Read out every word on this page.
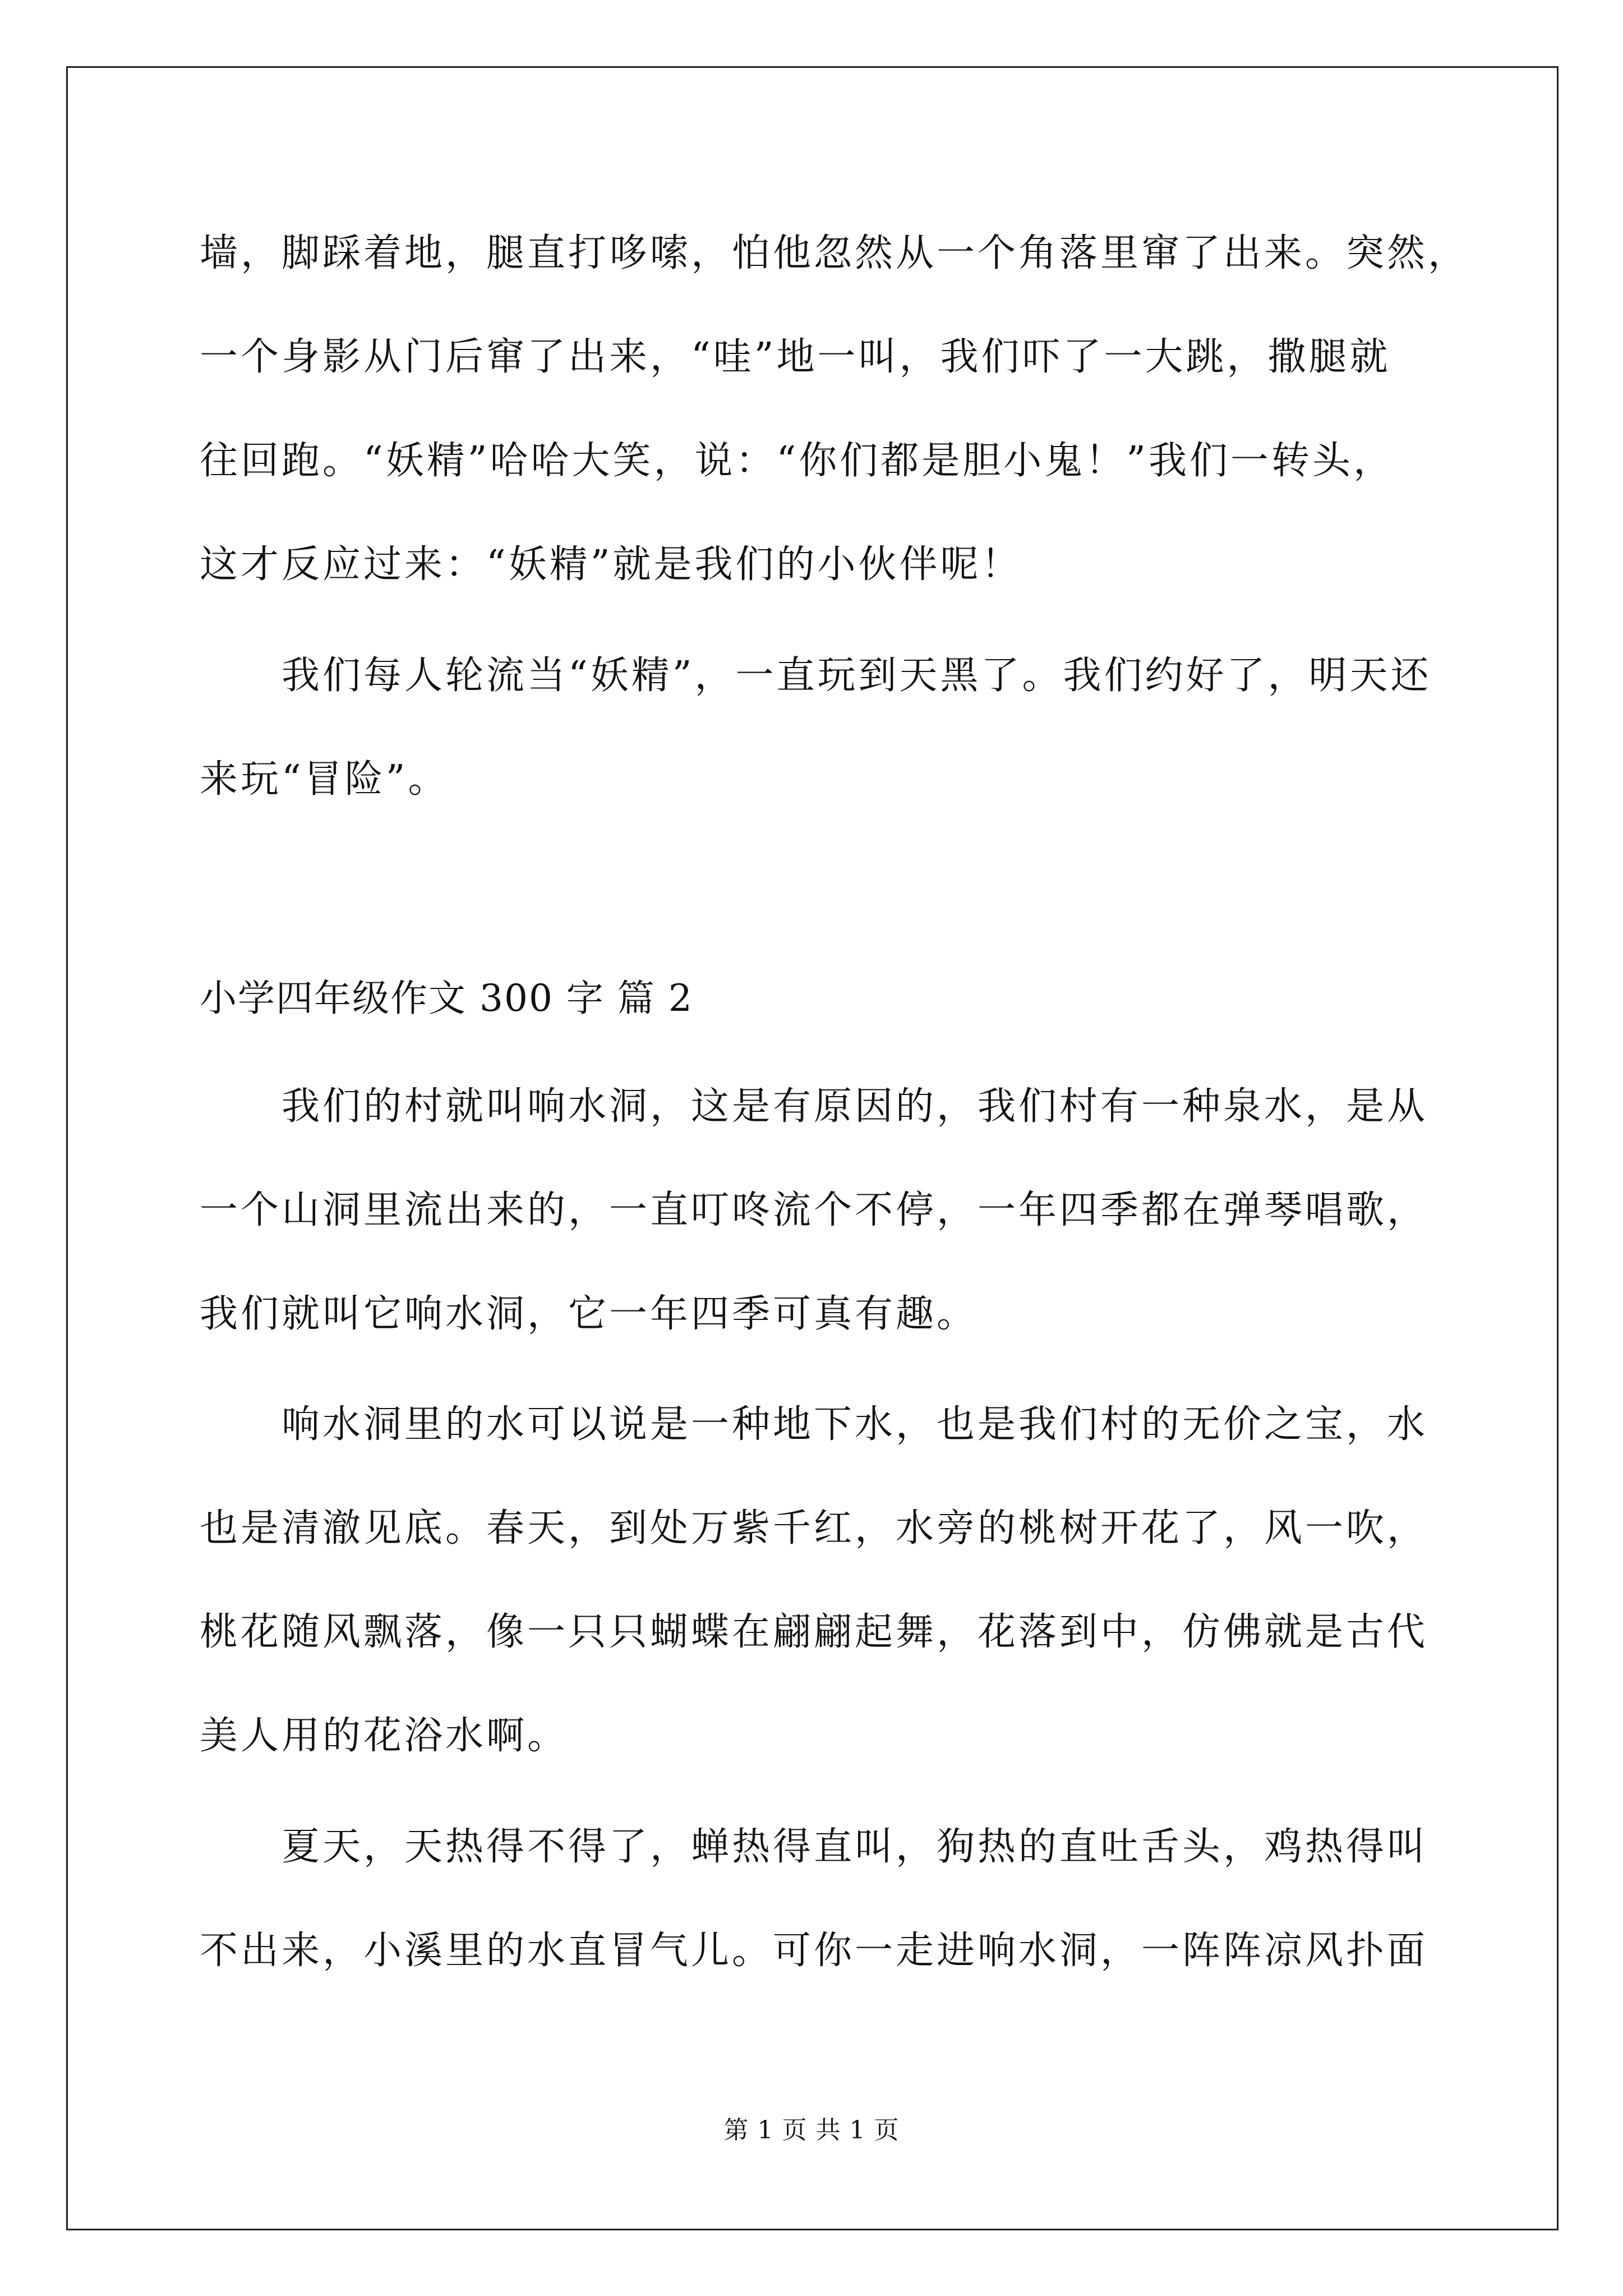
墙，脚踩着地，腿直打哆嗦，怕他忽然从一个角落里窜了出来。突然，
一个身影从门后窜了出来，“哇”地一叫，我们吓了一大跳，撒腿就
往回跑。“妖精”哈哈大笑，说：“你们都是胆小鬼！”我们一转头，
这才反应过来：“妖精”就是我们的小伙伴呢！
　　我们每人轮流当“妖精”，一直玩到天黑了。我们约好了，明天还
来玩“冒险”。
小学四年级作文 300 字 篇 2
　　我们的村就叫响水洞，这是有原因的，我们村有一种泉水，是从
一个山洞里流出来的，一直叮咚流个不停，一年四季都在弹琴唱歌，
我们就叫它响水洞，它一年四季可真有趣。
　　响水洞里的水可以说是一种地下水，也是我们村的无价之宝，水
也是清澈见底。春天，到处万紫千红，水旁的桃树开花了，风一吹，
桃花随风飘落，像一只只蝴蝶在翩翩起舞，花落到中，仿佛就是古代
美人用的花浴水啊。
　　夏天，天热得不得了，蝉热得直叫，狗热的直吐舌头，鸡热得叫
不出来，小溪里的水直冒气儿。可你一走进响水洞，一阵阵凉风扑面
第 1 页 共 1 页
